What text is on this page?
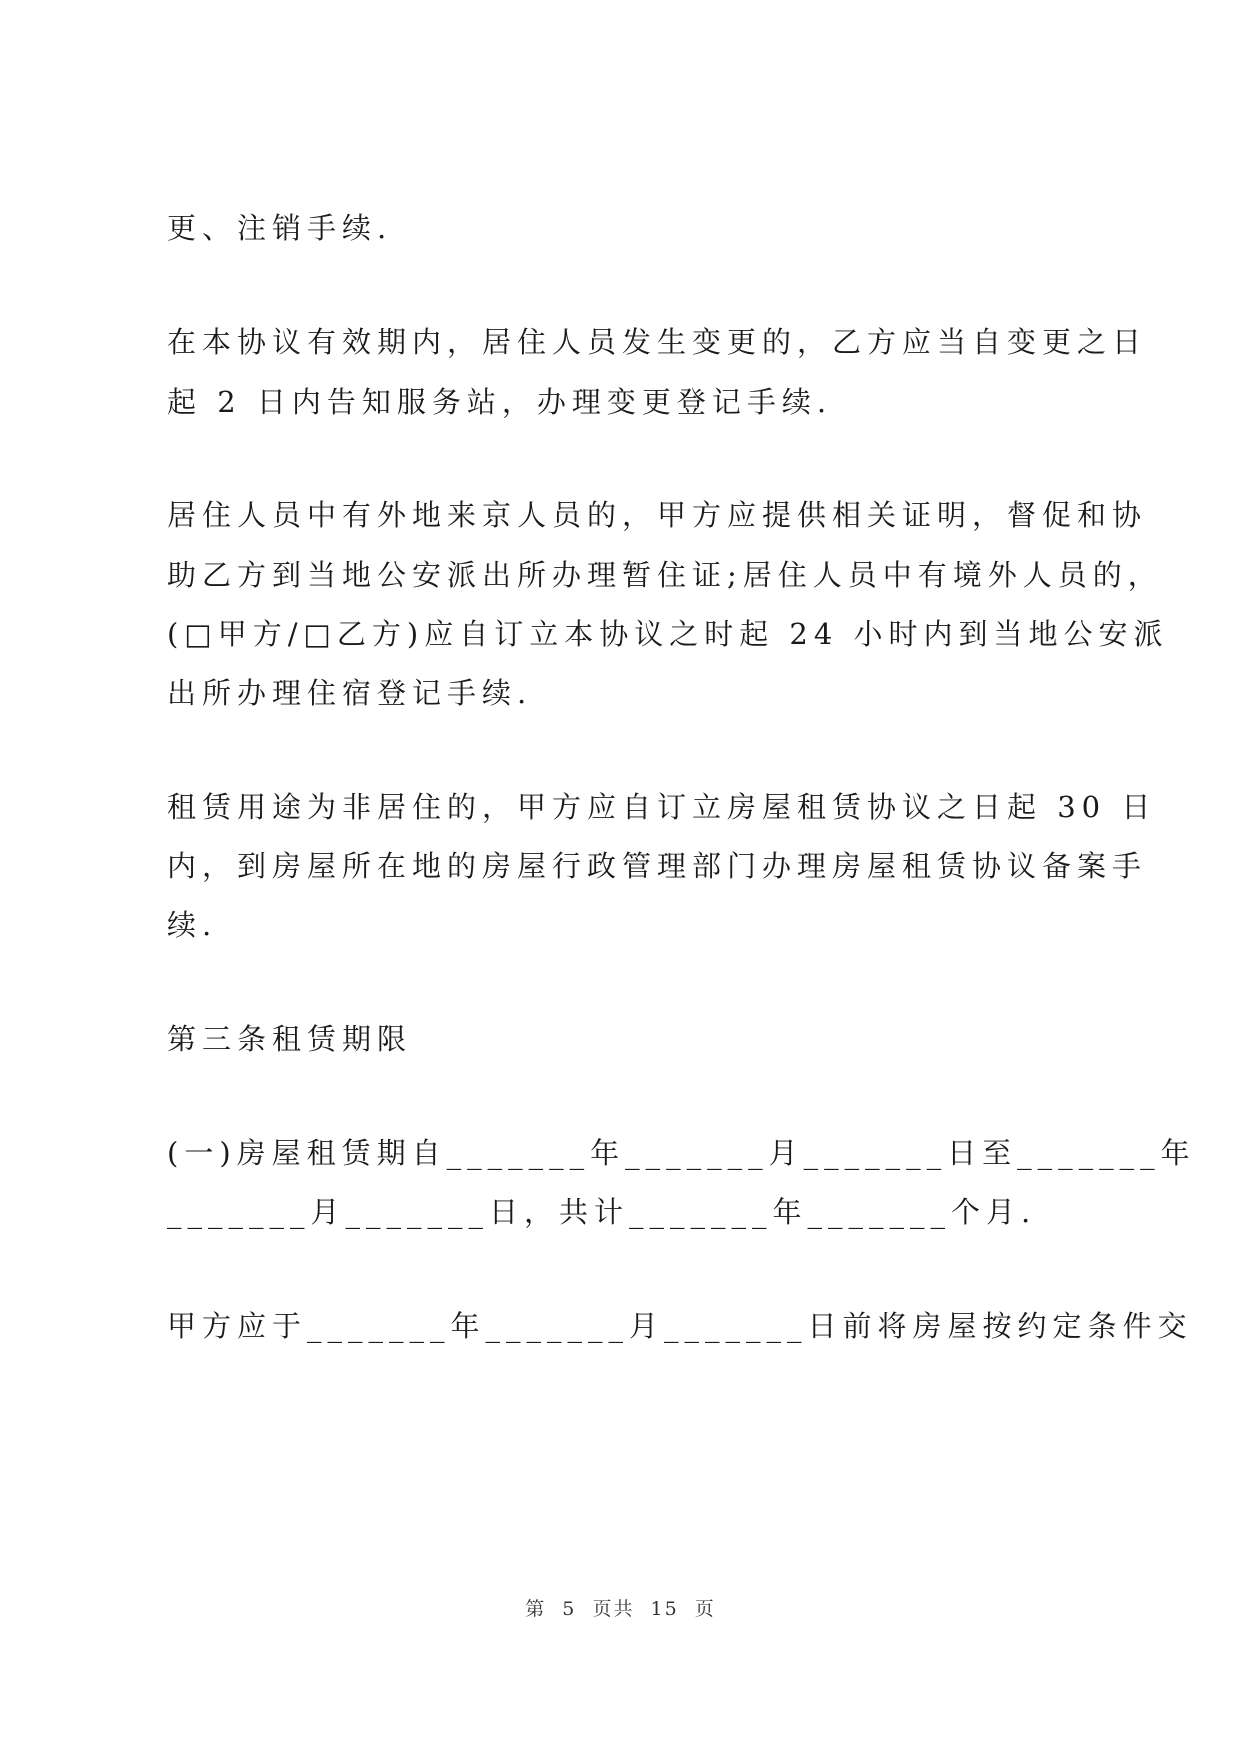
更、注销手续.
在本协议有效期内，居住人员发生变更的，乙方应当自变更之日
起 2 日内告知服务站，办理变更登记手续.
居住人员中有外地来京人员的，甲方应提供相关证明，督促和协
助乙方到当地公安派出所办理暂住证;居住人员中有境外人员的，
(□甲方/□乙方)应自订立本协议之时起 24 小时内到当地公安派
出所办理住宿登记手续.
租赁用途为非居住的，甲方应自订立房屋租赁协议之日起 30 日
内，到房屋所在地的房屋行政管理部门办理房屋租赁协议备案手
续.
第三条租赁期限
(一)房屋租赁期自_______年_______月_______日至_______年
_______月_______日，共计_______年_______个月.
甲方应于_______年_______月_______日前将房屋按约定条件交
第  5  页共  15  页
